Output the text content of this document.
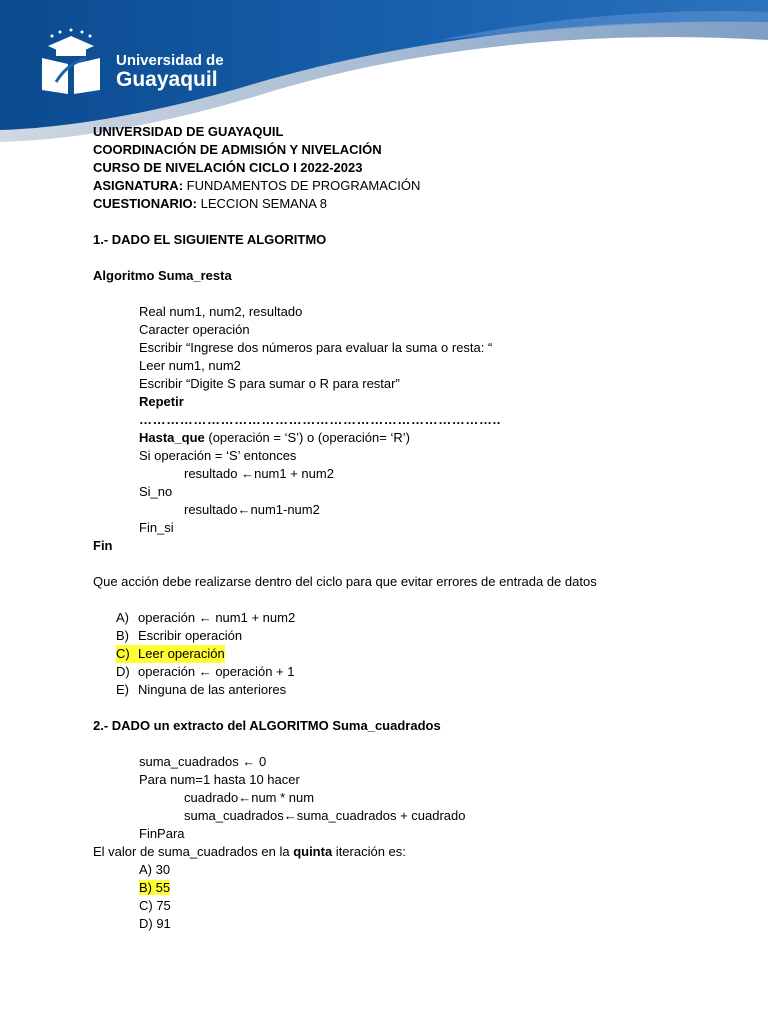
Universidad de
Guayaquil
UNIVERSIDAD DE GUAYAQUIL
COORDINACIÓN DE ADMISIÓN Y NIVELACIÓN
CURSO DE NIVELACIÓN CICLO I 2022-2023
ASIGNATURA: FUNDAMENTOS DE PROGRAMACIÓN
CUESTIONARIO: LECCION SEMANA 8
1.- DADO EL SIGUIENTE ALGORITMO
Algoritmo Suma_resta
Real num1, num2, resultado
Caracter operación
Escribir “Ingrese dos números para evaluar la suma o resta: “
Leer num1, num2
Escribir “Digite S para sumar o R para restar”
Repetir
……………………………………………………………………..
Hasta_que (operación = ‘S’) o (operación= ‘R’)
Si operación = ‘S’ entonces
resultado ←num1 + num2
Si_no
resultado←num1-num2
Fin_si
Fin
Que acción debe realizarse dentro del ciclo para que evitar errores de entrada de datos
A) operación ← num1 + num2
B) Escribir operación
C) Leer operación
D) operación ← operación + 1
E) Ninguna de las anteriores
2.- DADO un extracto del ALGORITMO Suma_cuadrados
suma_cuadrados ← 0
Para num=1 hasta 10 hacer
cuadrado←num * num
suma_cuadrados←suma_cuadrados + cuadrado
FinPara
El valor de suma_cuadrados en la quinta iteración es:
A) 30
B) 55
C) 75
D) 91
